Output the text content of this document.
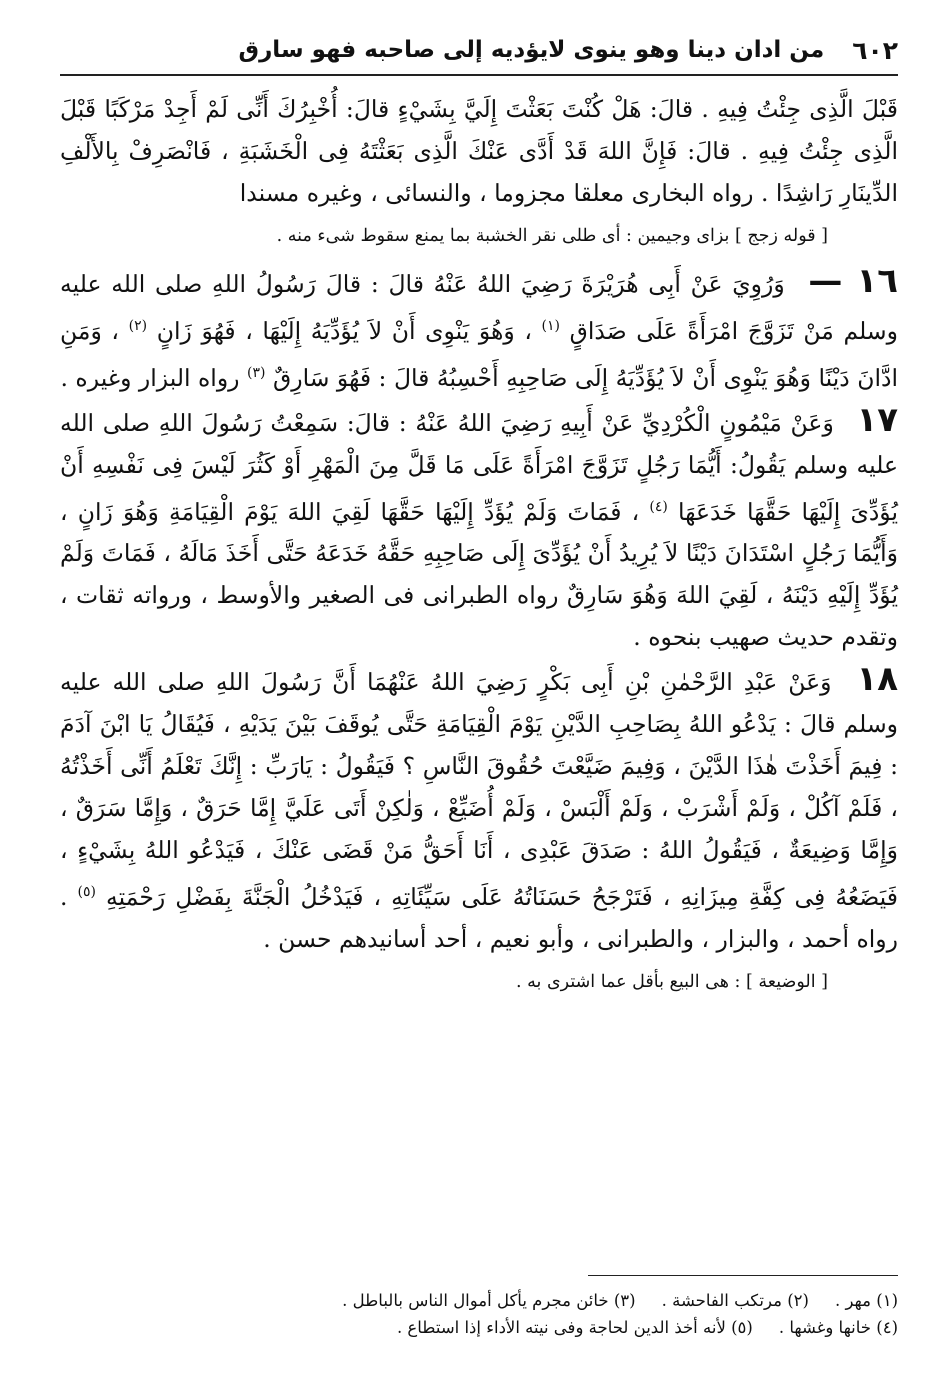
٦٠٢
من ادان دينا وهو ينوى لايؤديه إلى صاحبه فهو سارق

قَبْلَ الَّذِى جِئْتُ فِيهِ . قالَ: هَلْ كُنْتَ بَعَثْتَ إِلَيَّ بِشَيْءٍ قالَ: أُخْبِرُكَ أَنِّى لَمْ أَجِدْ مَرْكَبًا قَبْلَ الَّذِى جِئْتُ فِيهِ . قالَ: فَإِنَّ اللهَ قَدْ أَدَّى عَنْكَ الَّذِى بَعَثْتَهُ فِى الْخَشَبَةِ ، فَانْصَرِفْ بِالأَلْفِ الدِّينَارِ رَاشِدًا . رواه البخارى معلقا مجزوما ، والنسائى ، وغيره مسندا

[ قوله زجج ] بزاى وجيمين : أى طلى نقر الخشبة بما يمنع سقوط شىء منه .

١٦ — وَرُوِيَ عَنْ أَبِى هُرَيْرَةَ رَضِيَ اللهُ عَنْهُ قالَ : قالَ رَسُولُ اللهِ صلى الله عليه وسلم مَنْ تَزَوَّجَ امْرَأَةً عَلَى صَدَاقٍ $^{(١)}$ ، وَهُوَ يَنْوِى أَنْ لاَ يُؤَدِّيَهُ إِلَيْهَا ، فَهُوَ زَانٍ $^{(٢)}$ ، وَمَنِ ادَّانَ دَيْنًا وَهُوَ يَنْوِى أَنْ لاَ يُؤَدِّيَهُ إِلَى صَاحِبِهِ أَحْسِبُهُ قالَ : فَهُوَ سَارِقٌ $^{(٣)}$ رواه البزار وغيره .

١٧ وَعَنْ مَيْمُونٍ الْكُرْدِيِّ عَنْ أَبِيهِ رَضِيَ اللهُ عَنْهُ : قالَ: سَمِعْتُ رَسُولَ اللهِ صلى الله عليه وسلم يَقُولُ: أَيُّمَا رَجُلٍ تَزَوَّجَ امْرَأَةً عَلَى مَا قَلَّ مِنَ الْمَهْرِ أَوْ كَثُرَ لَيْسَ فِى نَفْسِهِ أَنْ يُؤَدِّىَ إِلَيْهَا حَقَّهَا خَدَعَهَا $^{(٤)}$ ، فَمَاتَ وَلَمْ يُؤَدِّ إِلَيْهَا حَقَّهَا لَقِيَ اللهَ يَوْمَ الْقِيَامَةِ وَهُوَ زَانٍ ، وَأَيُّمَا رَجُلٍ اسْتَدَانَ دَيْنًا لاَ يُرِيدُ أَنْ يُؤَدِّىَ إِلَى صَاحِبِهِ حَقَّهُ خَدَعَهُ حَتَّى أَخَذَ مَالَهُ ، فَمَاتَ وَلَمْ يُؤَدِّ إِلَيْهِ دَيْنَهُ ، لَقِيَ اللهَ وَهُوَ سَارِقٌ رواه الطبرانى فى الصغير والأوسط ، ورواته ثقات ، وتقدم حديث صهيب بنحوه .

١٨ وَعَنْ عَبْدِ الرَّحْمٰنِ بْنِ أَبِى بَكْرٍ رَضِيَ اللهُ عَنْهُمَا أَنَّ رَسُولَ اللهِ صلى الله عليه وسلم قالَ : يَدْعُو اللهُ بِصَاحِبِ الدَّيْنِ يَوْمَ الْقِيَامَةِ حَتَّى يُوقَفَ بَيْنَ يَدَيْهِ ، فَيُقَالُ يَا ابْنَ آدَمَ : فِيمَ أَخَذْتَ هٰذَا الدَّيْنَ ، وَفِيمَ ضَيَّعْتَ حُقُوقَ النَّاسِ ؟ فَيَقُولُ : يَارَبِّ : إِنَّكَ تَعْلَمُ أَنِّى أَخَذْتُهُ ، فَلَمْ آكُلْ ، وَلَمْ أَشْرَبْ ، وَلَمْ أَلْبَسْ ، وَلَمْ أُضَيِّعْ ، وَلٰكِنْ أَتَى عَلَيَّ إِمَّا حَرَقٌ ، وَإِمَّا سَرَقٌ ، وَإِمَّا وَضِيعَةٌ ، فَيَقُولُ اللهُ : صَدَقَ عَبْدِى ، أَنَا أَحَقُّ مَنْ قَضَى عَنْكَ ، فَيَدْعُو اللهُ بِشَيْءٍ ، فَيَضَعُهُ فِى كِفَّةِ مِيزَانِهِ ، فَتَرْجَحُ حَسَنَاتُهُ عَلَى سَيِّئَاتِهِ ، فَيَدْخُلُ الْجَنَّةَ بِفَضْلِ رَحْمَتِهِ $^{(٥)}$ . رواه أحمد ، والبزار ، والطبرانى ، وأبو نعيم ، أحد أسانيدهم حسن .

[ الوضيعة ] : هى البيع بأقل عما اشترى به .

(١) مهر .
(٢) مرتكب الفاحشة .
(٣) خائن مجرم يأكل أموال الناس بالباطل .
(٤) خانها وغشها .
(٥) لأنه أخذ الدين لحاجة وفى نيته الأداء إذا استطاع .
